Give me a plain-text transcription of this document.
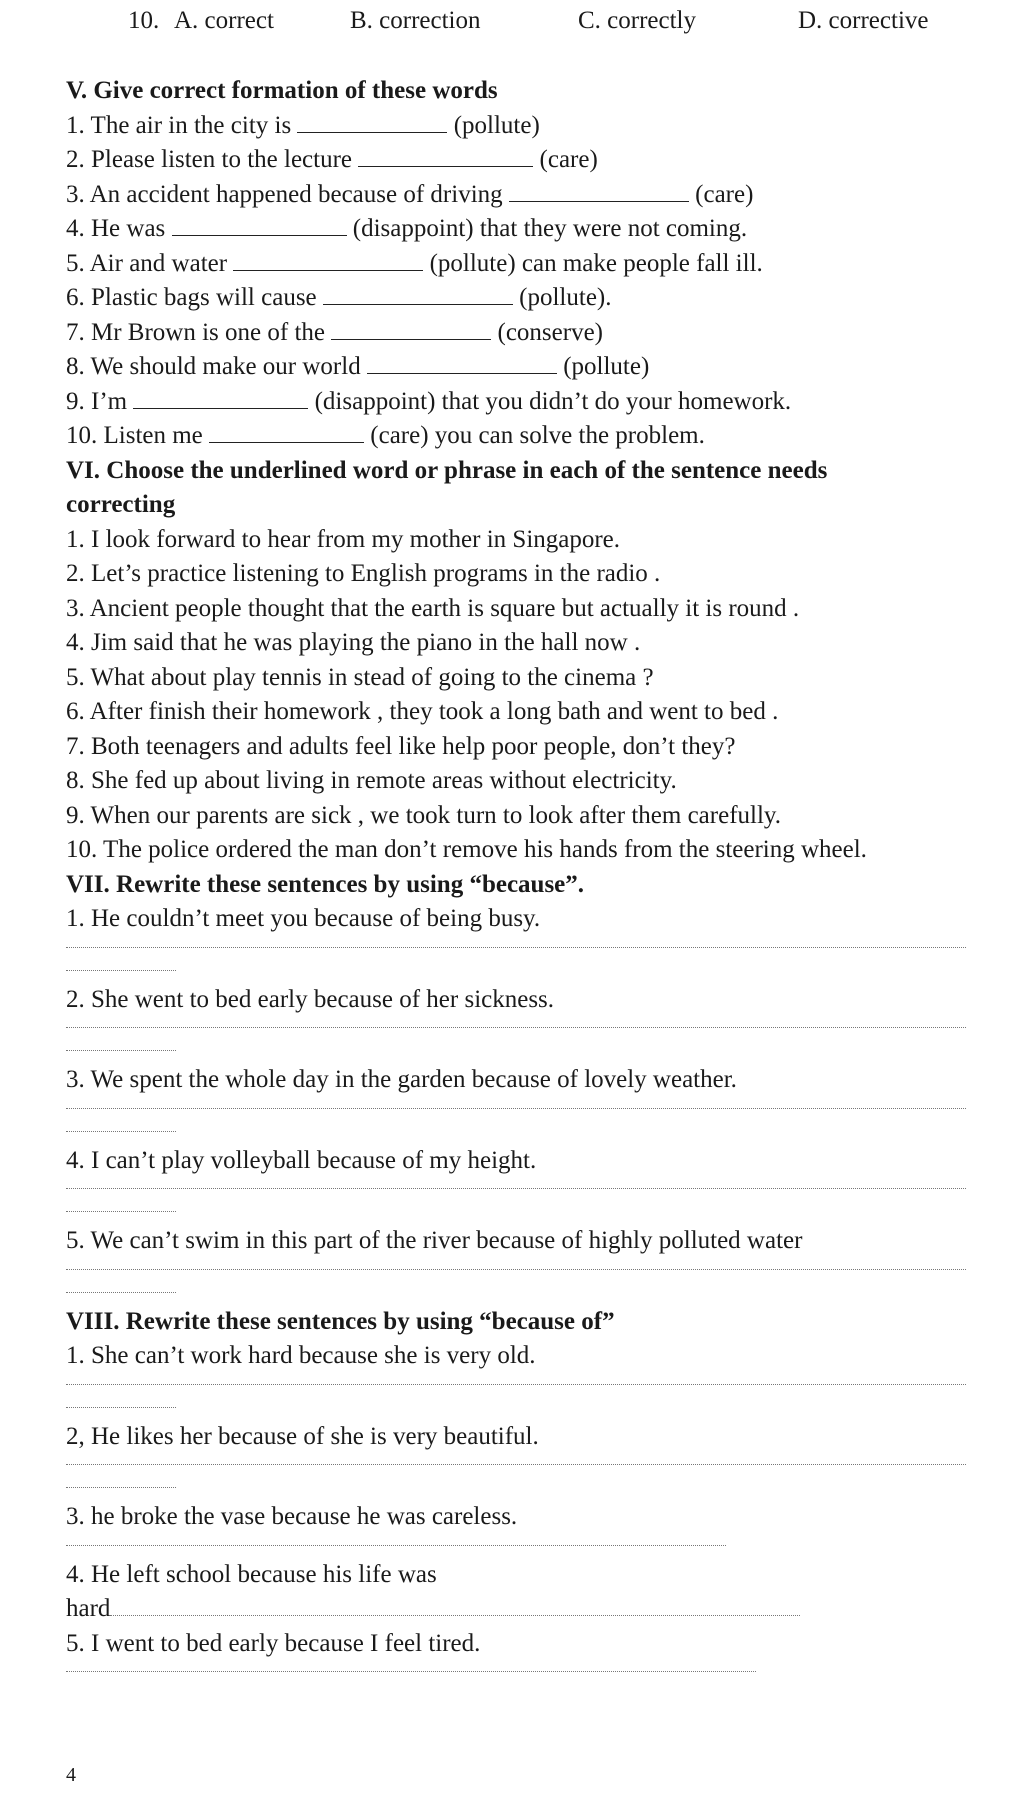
10. A. correct	B. correction	C. correctly	D. corrective
V. Give correct formation of these words
1. The air in the city is	(pollute)
2. Please listen to the lecture	(care)
3. An accident happened because of driving	(care)
4. He was	(disappoint) that they were not coming.
5. Air and water	(pollute) can make people fall ill.
6. Plastic bags will cause	(pollute).
7. Mr Brown is one of the	(conserve)
8. We should make our world	(pollute)
9. I’m	(disappoint) that you didn’t do your homework.
10. Listen me	(care) you can solve the problem.
VI. Choose the underlined word or phrase in each of the sentence needs correcting
1. I look forward to hear from my mother in Singapore.
2. Let’s practice listening to English programs in the radio .
3. Ancient people thought that the earth is square but actually it is round .
4. Jim said that he was playing the piano in the hall now .
5. What about play tennis in stead of going to the cinema ?
6. After finish their homework , they took a long bath and went to bed .
7. Both teenagers and adults feel like help poor people, don’t they?
8. She fed up about living in remote areas without electricity.
9. When our parents are sick , we took turn to look after them carefully.
10. The police ordered the man don’t remove his hands from the steering wheel.
VII. Rewrite these sentences by using “because”.
1. He couldn’t meet you because of being busy.
2. She went to bed early because of her sickness.
3. We spent the whole day in the garden because of lovely weather.
4. I can’t play volleyball because of my height.
5. We can’t swim in this part of the river because of highly polluted water
VIII. Rewrite these sentences by using “because of”
1. She can’t work hard because she is very old.
2, He likes her because of she is very beautiful.
3. he broke the vase because he was careless.
4. He left school because his life was
hard
5. I went to bed early because I feel tired.
4
